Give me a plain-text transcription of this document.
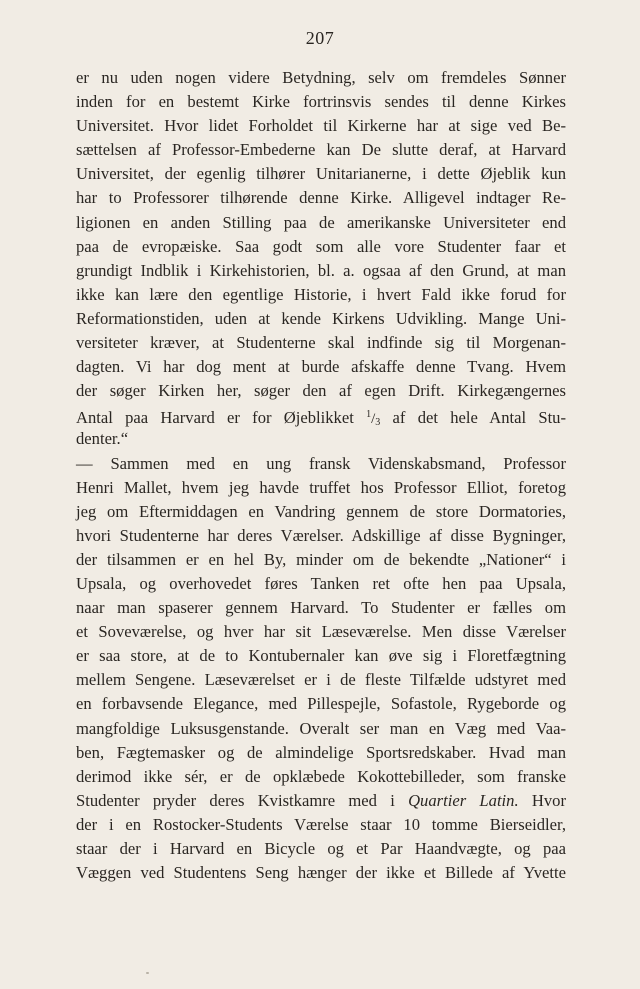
207
er nu uden nogen videre Betydning, selv om fremdeles Sønner
inden for en bestemt Kirke fortrinsvis sendes til denne Kirkes
Universitet. Hvor lidet Forholdet til Kirkerne har at sige ved Be-
sættelsen af Professor-Embederne kan De slutte deraf, at Harvard
Universitet, der egenlig tilhører Unitarianerne, i dette Øjeblik kun
har to Professorer tilhørende denne Kirke. Alligevel indtager Re-
ligionen en anden Stilling paa de amerikanske Universiteter end
paa de evropæiske. Saa godt som alle vore Studenter faar et
grundigt Indblik i Kirkehistorien, bl. a. ogsaa af den Grund, at man
ikke kan lære den egentlige Historie, i hvert Fald ikke forud for
Reformationstiden, uden at kende Kirkens Udvikling. Mange Uni-
versiteter kræver, at Studenterne skal indfinde sig til Morgenan-
dagten. Vi har dog ment at burde afskaffe denne Tvang. Hvem
der søger Kirken her, søger den af egen Drift. Kirkegængernes
Antal paa Harvard er for Øjeblikket $^1/_3$ af det hele Antal Stu-
denter.“
— Sammen med en ung fransk Videnskabsmand, Professor
Henri Mallet, hvem jeg havde truffet hos Professor Elliot, foretog
jeg om Eftermiddagen en Vandring gennem de store Dormatories,
hvori Studenterne har deres Værelser. Adskillige af disse Bygninger,
der tilsammen er en hel By, minder om de bekendte „Nationer“ i
Upsala, og overhovedet føres Tanken ret ofte hen paa Upsala,
naar man spaserer gennem Harvard. To Studenter er fælles om
et Soveværelse, og hver har sit Læseværelse. Men disse Værelser
er saa store, at de to Kontubernaler kan øve sig i Floretfægtning
mellem Sengene. Læseværelset er i de fleste Tilfælde udstyret med
en forbavsende Elegance, med Pillespejle, Sofastole, Rygeborde og
mangfoldige Luksusgenstande. Overalt ser man en Væg med Vaa-
ben, Fægtemasker og de almindelige Sportsredskaber. Hvad man
derimod ikke sér, er de opklæbede Kokottebilleder, som franske
Studenter pryder deres Kvistkamre med i Quartier Latin. Hvor
der i en Rostocker-Students Værelse staar 10 tomme Bierseidler,
staar der i Harvard en Bicycle og et Par Haandvægte, og paa
Væggen ved Studentens Seng hænger der ikke et Billede af Yvette
